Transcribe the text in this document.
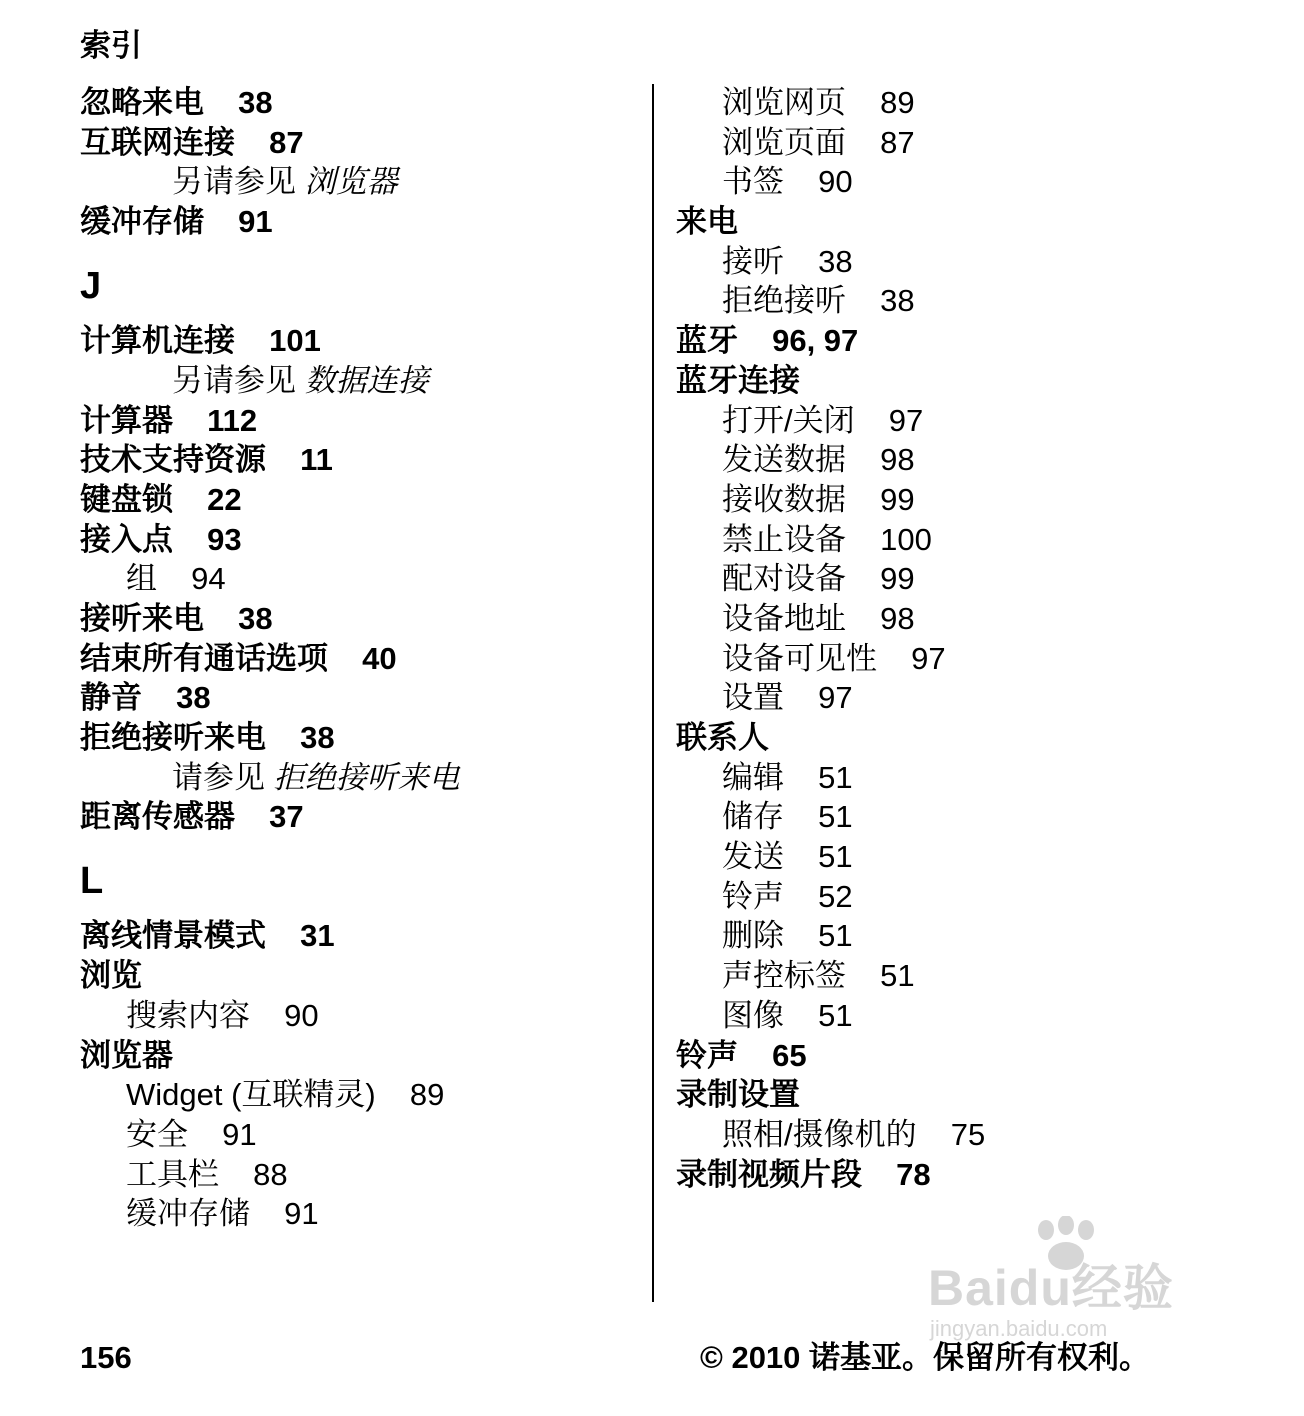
索引
忽略来电 38
互联网连接 87
另请参见 浏览器
缓冲存储 91
J
计算机连接 101
另请参见 数据连接
计算器 112
技术支持资源 11
键盘锁 22
接入点 93
组 94
接听来电 38
结束所有通话选项 40
静音 38
拒绝接听来电 38
请参见 拒绝接听来电
距离传感器 37
L
离线情景模式 31
浏览
搜索内容 90
浏览器
Widget (互联精灵) 89
安全 91
工具栏 88
缓冲存储 91
浏览网页 89
浏览页面 87
书签 90
来电
接听 38
拒绝接听 38
蓝牙 96, 97
蓝牙连接
打开/关闭 97
发送数据 98
接收数据 99
禁止设备 100
配对设备 99
设备地址 98
设备可见性 97
设置 97
联系人
编辑 51
储存 51
发送 51
铃声 52
删除 51
声控标签 51
图像 51
铃声 65
录制设置
照相/摄像机的 75
录制视频片段 78
156	© 2010 诺基亚。保留所有权利。
Baidu经验
jingyan.baidu.com
